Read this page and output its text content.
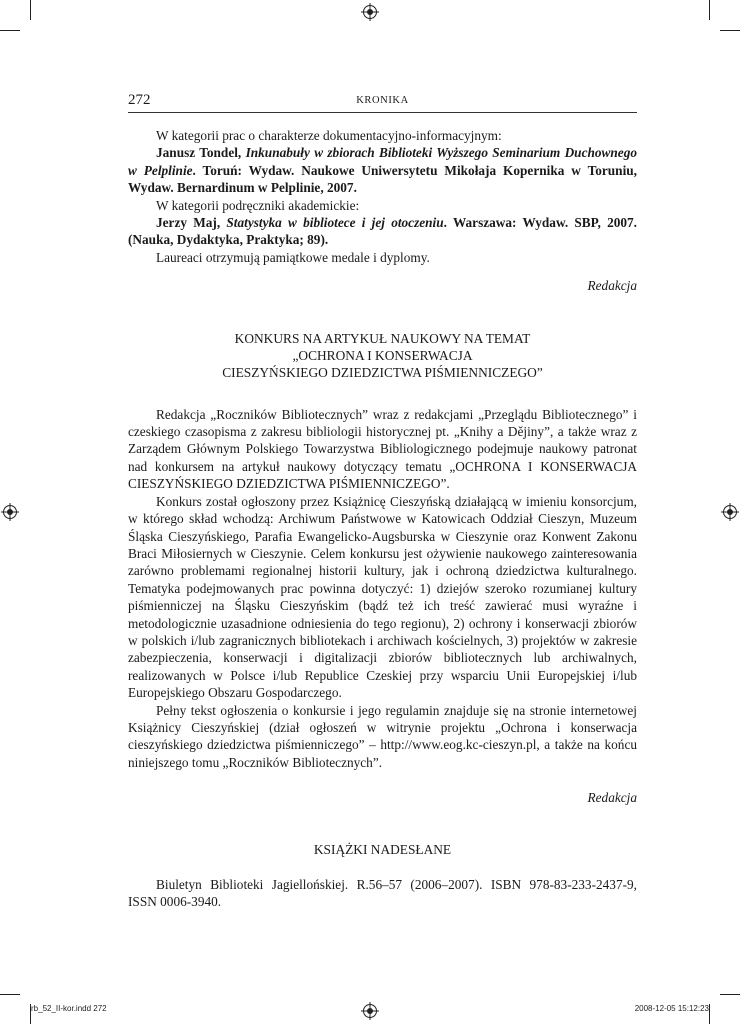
272	KRONIKA

W kategorii prac o charakterze dokumentacyjno-informacyjnym:

Janusz Tondel, Inkunabuły w zbiorach Biblioteki Wyższego Seminarium Duchownego w Pelplinie. Toruń: Wydaw. Naukowe Uniwersytetu Mikołaja Kopernika w Toruniu, Wydaw. Bernardinum w Pelplinie, 2007.

W kategorii podręczniki akademickie:

Jerzy Maj, Statystyka w bibliotece i jej otoczeniu. Warszawa: Wydaw. SBP, 2007. (Nauka, Dydaktyka, Praktyka; 89).

Laureaci otrzymują pamiątkowe medale i dyplomy.

Redakcja

KONKURS NA ARTYKUŁ NAUKOWY NA TEMAT
„OCHRONA I KONSERWACJA
CIESZYŃSKIEGO DZIEDZICTWA PIŚMIENNICZEGO”

Redakcja „Roczników Bibliotecznych” wraz z redakcjami „Przeglądu Bibliotecznego” i czeskiego czasopisma z zakresu bibliologii historycznej pt. „Knihy a Dějiny”, a także wraz z Zarządem Głównym Polskiego Towarzystwa Bibliologicznego podejmuje naukowy patronat nad konkursem na artykuł naukowy dotyczący tematu „OCHRONA I KONSERWACJA CIESZYŃSKIEGO DZIEDZICTWA PIŚMIENNICZEGO”.

Konkurs został ogłoszony przez Książnicę Cieszyńską działającą w imieniu konsorcjum, w którego skład wchodzą: Archiwum Państwowe w Katowicach Oddział Cieszyn, Muzeum Śląska Cieszyńskiego, Parafia Ewangelicko-Augsburska w Cieszynie oraz Konwent Zakonu Braci Miłosiernych w Cieszynie. Celem konkursu jest ożywienie naukowego zainteresowania zarówno problemami regionalnej historii kultury, jak i ochroną dziedzictwa kulturalnego. Tematyka podejmowanych prac powinna dotyczyć: 1) dziejów szeroko rozumianej kultury piśmienniczej na Śląsku Cieszyńskim (bądź też ich treść zawierać musi wyraźne i metodologicznie uzasadnione odniesienia do tego regionu), 2) ochrony i konserwacji zbiorów w polskich i/lub zagranicznych bibliotekach i archiwach kościelnych, 3) projektów w zakresie zabezpieczenia, konserwacji i digitalizacji zbiorów bibliotecznych lub archiwalnych, realizowanych w Polsce i/lub Republice Czeskiej przy wsparciu Unii Europejskiej i/lub Europejskiego Obszaru Gospodarczego.

Pełny tekst ogłoszenia o konkursie i jego regulamin znajduje się na stronie internetowej Książnicy Cieszyńskiej (dział ogłoszeń w witrynie projektu „Ochrona i konserwacja cieszyńskiego dziedzictwa piśmienniczego” – http://www.eog.kc-cieszyn.pl, a także na końcu niniejszego tomu „Roczników Bibliotecznych”.

Redakcja

KSIĄŻKI NADESŁANE

Biuletyn Biblioteki Jagiellońskiej. R.56–57 (2006–2007). ISBN 978-83-233-2437-9, ISSN 0006-3940.

rb_52_II-kor.indd 272	2008-12-05 15:12:23
